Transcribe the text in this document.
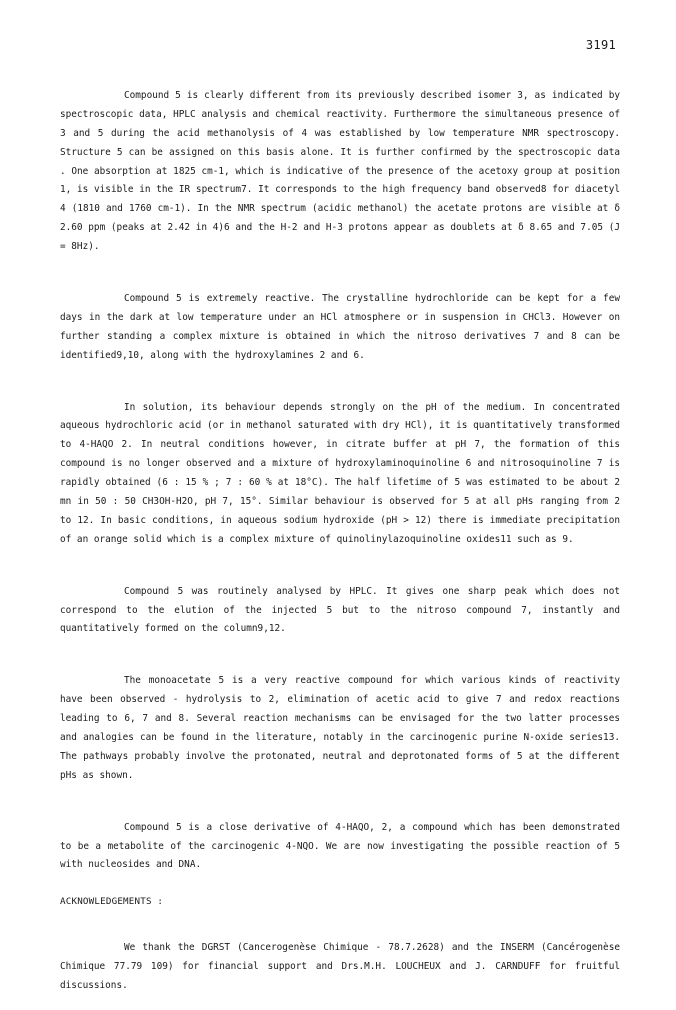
3191

Compound 5 is clearly different from its previously described isomer 3, as indicated by spectroscopic data, HPLC analysis and chemical reactivity. Furthermore the simultaneous presence of 3 and 5 during the acid methanolysis of 4 was established by low temperature NMR spectroscopy. Structure 5 can be assigned on this basis alone. It is further confirmed by the spectroscopic data . One absorption at 1825 cm-1, which is indicative of the presence of the acetoxy group at position 1, is visible in the IR spectrum7. It corresponds to the high frequency band observed8 for diacetyl 4 (1810 and 1760 cm-1). In the NMR spectrum (acidic methanol) the acetate protons are visible at δ 2.60 ppm (peaks at 2.42 in 4)6 and the H-2 and H-3 protons appear as doublets at δ 8.65 and 7.05 (J = 8Hz).

Compound 5 is extremely reactive. The crystalline hydrochloride can be kept for a few days in the dark at low temperature under an HCl atmosphere or in suspension in CHCl3. However on further standing a complex mixture is obtained in which the nitroso derivatives 7 and 8 can be identified9,10, along with the hydroxylamines 2 and 6.

In solution, its behaviour depends strongly on the pH of the medium. In concentrated aqueous hydrochloric acid (or in methanol saturated with dry HCl), it is quantitatively transformed to 4-HAQO 2. In neutral conditions however, in citrate buffer at pH 7, the formation of this compound is no longer observed and a mixture of hydroxylaminoquinoline 6 and nitrosoquinoline 7 is rapidly obtained (6 : 15 % ; 7 : 60 % at 18°C). The half lifetime of 5 was estimated to be about 2 mn in 50 : 50 CH3OH-H2O, pH 7, 15°. Similar behaviour is observed for 5 at all pHs ranging from 2 to 12. In basic conditions, in aqueous sodium hydroxide (pH > 12) there is immediate precipitation of an orange solid which is a complex mixture of quinolinylazoquinoline oxides11 such as 9.

Compound 5 was routinely analysed by HPLC. It gives one sharp peak which does not correspond to the elution of the injected 5 but to the nitroso compound 7, instantly and quantitatively formed on the column9,12.

The monoacetate 5 is a very reactive compound for which various kinds of reactivity have been observed - hydrolysis to 2, elimination of acetic acid to give 7 and redox reactions leading to 6, 7 and 8. Several reaction mechanisms can be envisaged for the two latter processes and analogies can be found in the literature, notably in the carcinogenic purine N-oxide series13. The pathways probably involve the protonated, neutral and deprotonated forms of 5 at the different pHs as shown.

Compound 5 is a close derivative of 4-HAQO, 2, a compound which has been demonstrated to be a metabolite of the carcinogenic 4-NQO. We are now investigating the possible reaction of 5 with nucleosides and DNA.

ACKNOWLEDGEMENTS :

We thank the DGRST (Cancerogenèse Chimique - 78.7.2628) and the INSERM (Cancérogenèse Chimique 77.79 109) for financial support and Drs.M.H. LOUCHEUX and J. CARNDUFF for fruitful discussions.
